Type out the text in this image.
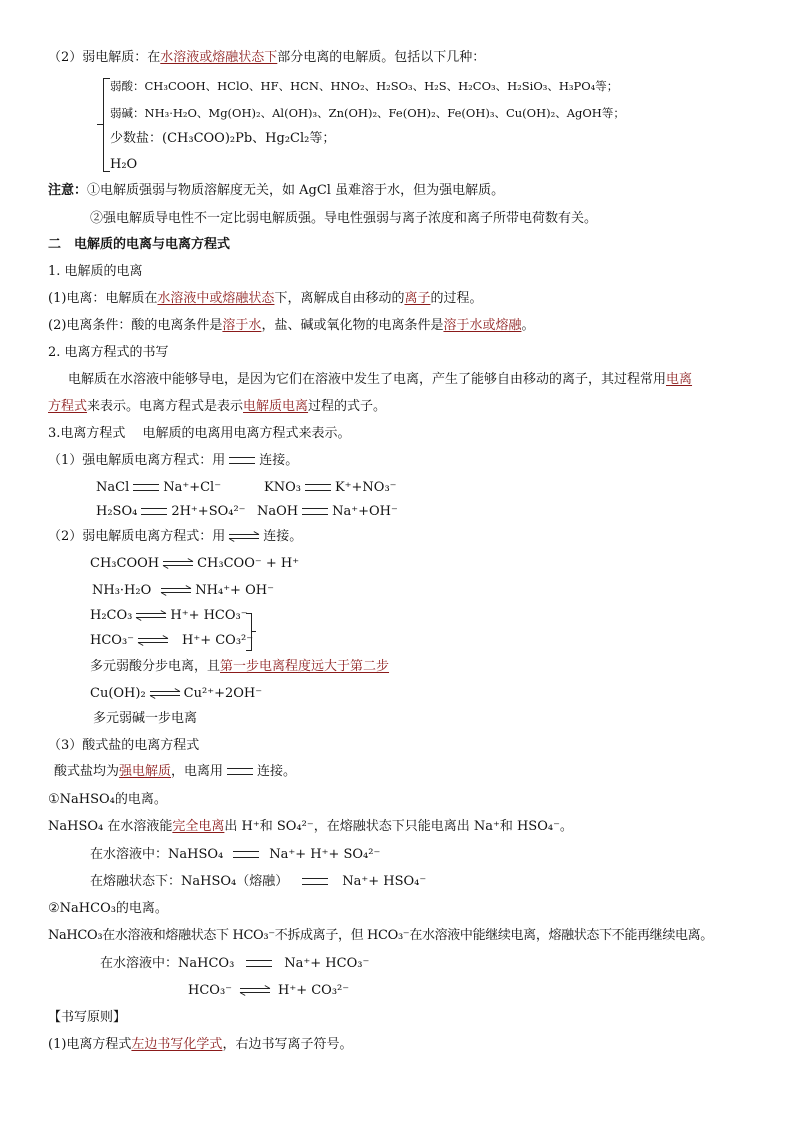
（2）弱电解质：在水溶液或熔融状态下部分电离的电解质。包括以下几种：
弱酸：CH₃COOH、HClO、HF、HCN、HNO₂、H₂SO₃、H₂S、H₂CO₃、H₂SiO₃、H₃PO₄等；
弱碱：NH₃·H₂O、Mg(OH)₂、Al(OH)₃、Zn(OH)₂、Fe(OH)₂、Fe(OH)₃、Cu(OH)₂、AgOH等；
少数盐：(CH₃COO)₂Pb、Hg₂Cl₂等；
H₂O
注意：①电解质强弱与物质溶解度无关，如 AgCl 虽难溶于水，但为强电解质。
②强电解质导电性不一定比弱电解质强。导电性强弱与离子浓度和离子所带电荷数有关。
二　电解质的电离与电离方程式
1. 电解质的电离
(1)电离：电解质在水溶液中或熔融状态下，离解成自由移动的离子的过程。
(2)电离条件：酸的电离条件是溶于水，盐、碱或氧化物的电离条件是溶于水或熔融。
2. 电离方程式的书写
电解质在水溶液中能够导电，是因为它们在溶液中发生了电离，产生了能够自由移动的离子，其过程常用电离
方程式来表示。电离方程式是表示电解质电离过程的式子。
3.电离方程式　 电解质的电离用电离方程式来表示。
（1）强电解质电离方程式：用	连接。
NaCl	Na⁺+Cl⁻	KNO₃	K⁺+NO₃⁻
H₂SO₄	2H⁺+SO₄²⁻ NaOH	Na⁺+OH⁻
（2）弱电解质电离方程式：用	连接。
CH₃COOH	CH₃COO⁻ + H⁺
NH₃·H₂O	NH₄⁺+ OH⁻
H₂CO₃	H⁺+ HCO₃⁻
HCO₃⁻	H⁺+ CO₃²⁻
多元弱酸分步电离，且第一步电离程度远大于第二步
Cu(OH)₂	Cu²⁺+2OH⁻
多元弱碱一步电离
（3）酸式盐的电离方程式
酸式盐均为强电解质，电离用	连接。
①NaHSO₄的电离。
NaHSO₄ 在水溶液能完全电离出 H⁺和 SO₄²⁻，在熔融状态下只能电离出 Na⁺和 HSO₄⁻。
在水溶液中：NaHSO₄	Na⁺+ H⁺+ SO₄²⁻
在熔融状态下：NaHSO₄（熔融）	Na⁺+ HSO₄⁻
②NaHCO₃的电离。
NaHCO₃在水溶液和熔融状态下 HCO₃⁻不拆成离子，但 HCO₃⁻在水溶液中能继续电离，熔融状态下不能再继续电离。
在水溶液中：NaHCO₃	Na⁺+ HCO₃⁻
HCO₃⁻	H⁺+ CO₃²⁻
【书写原则】
(1)电离方程式左边书写化学式，右边书写离子符号。
